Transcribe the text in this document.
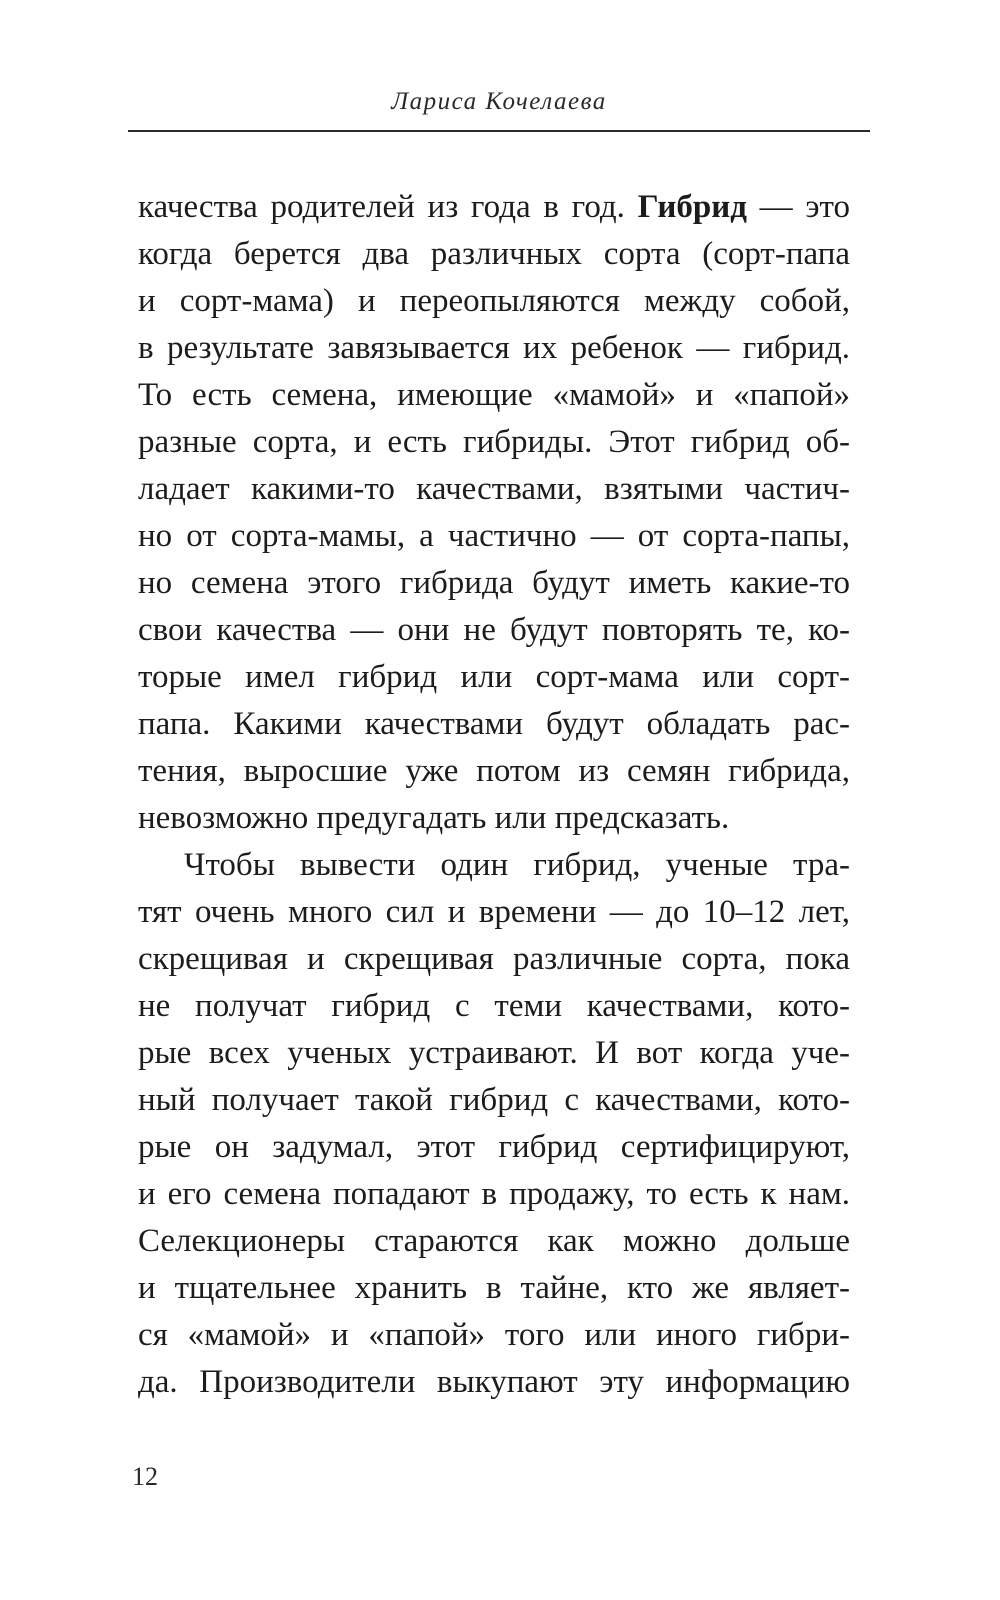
Лариса Кочелаева
качества родителей из года в год. Гибрид — это
когда берется два различных сорта (сорт-папа
и сорт-мама) и переопыляются между собой,
в результате завязывается их ребенок — гибрид.
То есть семена, имеющие «мамой» и «папой»
разные сорта, и есть гибриды. Этот гибрид об-
ладает какими-то качествами, взятыми частич-
но от сорта-мамы, а частично — от сорта-папы,
но семена этого гибрида будут иметь какие-то
свои качества — они не будут повторять те, ко-
торые имел гибрид или сорт-мама или сорт-
папа. Какими качествами будут обладать рас-
тения, выросшие уже потом из семян гибрида,
невозможно предугадать или предсказать.
Чтобы вывести один гибрид, ученые тра-
тят очень много сил и времени — до 10–12 лет,
скрещивая и скрещивая различные сорта, пока
не получат гибрид с теми качествами, кото-
рые всех ученых устраивают. И вот когда уче-
ный получает такой гибрид с качествами, кото-
рые он задумал, этот гибрид сертифицируют,
и его семена попадают в продажу, то есть к нам.
Селекционеры стараются как можно дольше
и тщательнее хранить в тайне, кто же являет-
ся «мамой» и «папой» того или иного гибри-
да. Производители выкупают эту информацию
12
